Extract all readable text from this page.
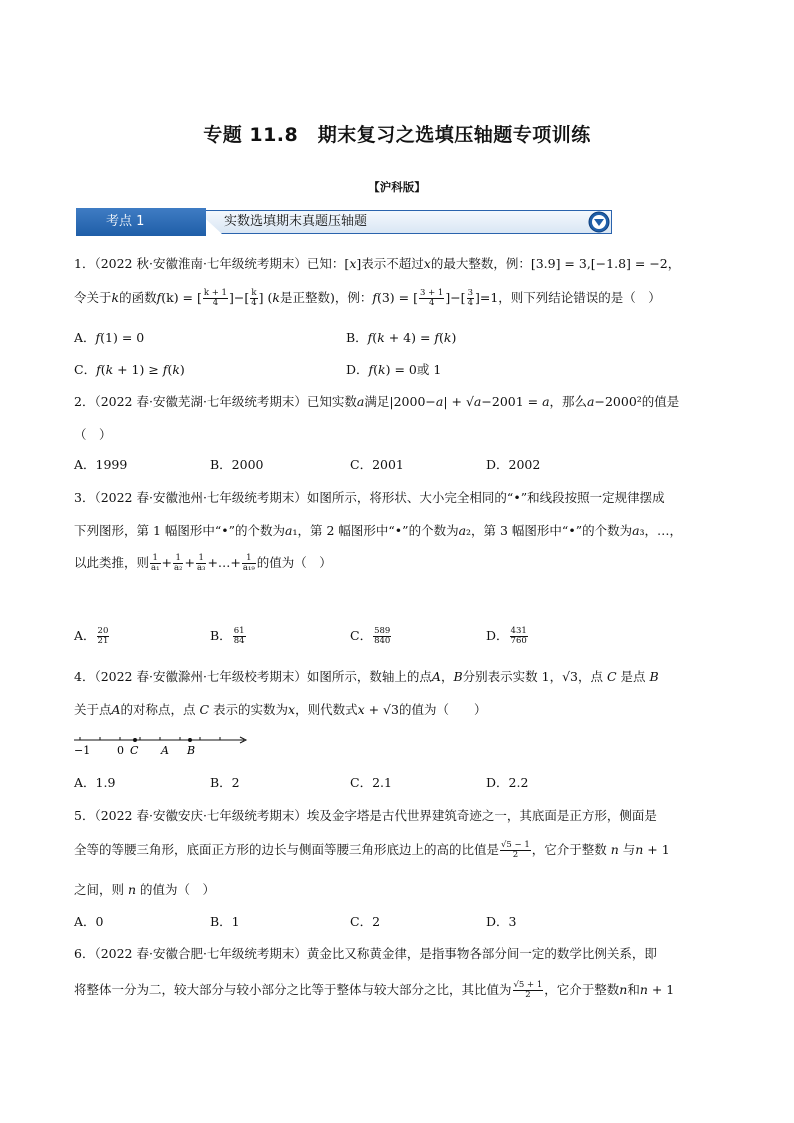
专题 11.8　期末复习之选填压轴题专项训练
【沪科版】
考点 1	实数选填期末真题压轴题
1．（2022 秋·安徽淮南·七年级统考期末）已知：[x]表示不超过x的最大整数，例：[3.9] = 3,[−1.8] = −2，
令关于k的函数f(k) = [ $\frac{k + 1}{4}$ ]−[ $\frac{k}{4}$ ] (k是正整数)，例：f(3) = [ $\frac{3 + 1}{4}$ ]−[ $\frac{3}{4} ]=1$，则下列结论错误的是（　）
A．𝑓(1) = 0	B．𝑓(𝑘 + 4) = 𝑓(𝑘)
C．𝑓(𝑘 + 1) ≥ 𝑓(𝑘)	D．𝑓(𝑘) = 0或 1
2．（2022 春·安徽芜湖·七年级统考期末）已知实数𝑎满足|2000−𝑎| + √𝑎−2001 = 𝑎，那么𝑎−2000²的值是
（　）
A．1999	B．2000	C．2001	D．2002
3．（2022 春·安徽池州·七年级统考期末）如图所示，将形状、大小完全相同的“•”和线段按照一定规律摆成
下列图形，第 1 幅图形中“•”的个数为𝑎₁，第 2 幅图形中“•”的个数为𝑎₂，第 3 幅图形中“•”的个数为𝑎₃，…，
以此类推，则 $\frac{1}{\text{a₁}} + \frac{1}{\text{a₂}} + \frac{1}{\text{a₃}}$ +…+ $\frac{1}{\text{a₁₉}}$ 的值为（　）
A． $\frac{20}{21}$	B． $\frac{61}{84}$	C． $\frac{589}{840}$	D． $\frac{431}{760}$
4．（2022 春·安徽滁州·七年级校考期末）如图所示，数轴上的点𝐴，𝐵分别表示实数 1，√3，点 𝐶 是点 𝐵
关于点𝐴的对称点，点 𝐶 表示的实数为𝑥，则代数式𝑥 + √3的值为（　　）
−1 0 C A B
A．1.9	B．2	C．2.1	D．2.2
5．（2022 春·安徽安庆·七年级统考期末）埃及金字塔是古代世界建筑奇迹之一，其底面是正方形，侧面是
全等的等腰三角形，底面正方形的边长与侧面等腰三角形底边上的高的比值是 $\frac{√5 - 1}{2}$ ，它介于整数 𝑛 与𝑛 + 1
之间，则 𝑛 的值为（　）
A．0	B．1	C．2	D．3
6．（2022 春·安徽合肥·七年级统考期末）黄金比又称黄金律，是指事物各部分间一定的数学比例关系，即
将整体一分为二，较大部分与较小部分之比等于整体与较大部分之比，其比值为 $\frac{√5 + 1}{2}$ ，它介于整数𝑛和𝑛 + 1
